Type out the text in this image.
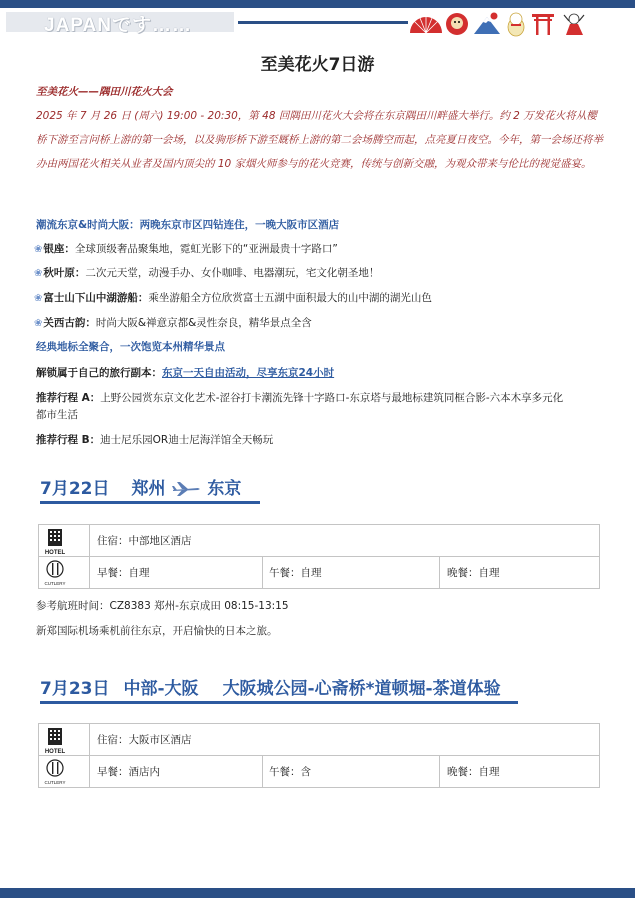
JAPANです……
至美花火7日游
至美花火——隅田川花火大会
2025 年 7 月 26 日 (周六) 19:00 - 20:30，第 48 回隅田川花火大会将在东京隅田川畔盛大举行。约 2 万发花火将从樱桥下游至言问桥上游的第一会场，以及驹形桥下游至厩桥上游的第二会场腾空而起，点亮夏日夜空。今年，第一会场还将举办由两国花火相关从业者及国内顶尖的 10 家烟火师参与的花火竞赛，传统与创新交融，为观众带来与伦比的视觉盛宴。
潮流东京&时尚大阪：两晚东京市区四钻连住，一晚大阪市区酒店
❀银座：全球顶级奢品聚集地，霓虹光影下的“亚洲最贵十字路口”
❀秋叶原：二次元天堂，动漫手办、女仆咖啡、电器潮玩，宅文化朝圣地！
❀富士山下山中湖游船：乘坐游船全方位欣赏富士五湖中面积最大的山中湖的湖光山色
❀关西古韵：时尚大阪&禅意京都&灵性奈良，精华景点全含
经典地标全聚合，一次饱览本州精华景点
解锁属于自己的旅行副本：东京一天自由活动，尽享东京24小时
推荐行程 A：上野公园赏东京文化艺术-涩谷打卡潮流先锋十字路口-东京塔与最地标建筑同框合影-六本木享多元化
都市生活
推荐行程 B：迪士尼乐园OR迪士尼海洋馆全天畅玩
7月22日 郑州 东京
HOTEL
住宿：中部地区酒店
CUTLERY
早餐：自理	午餐：自理	晚餐：自理
参考航班时间：CZ8383 郑州-东京成田 08:15-13:15
新郑国际机场乘机前往东京，开启愉快的日本之旅。
7月23日 中部-大阪 大阪城公园-心斋桥*道顿堀-茶道体验
HOTEL
住宿：大阪市区酒店
CUTLERY
早餐：酒店内	午餐：含	晚餐：自理
